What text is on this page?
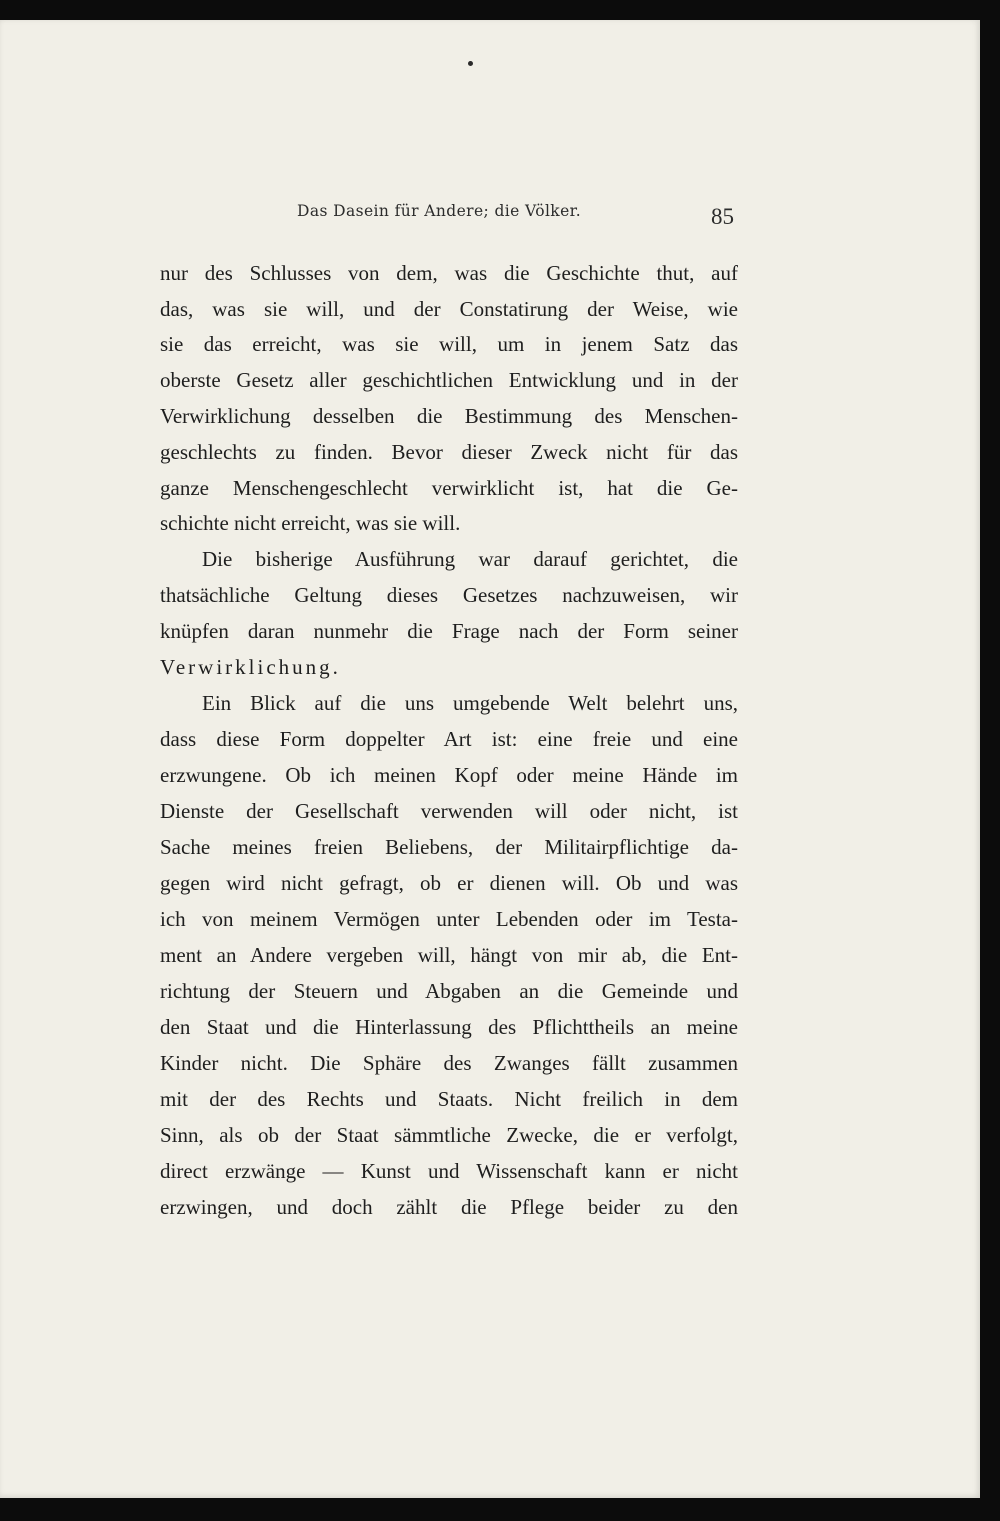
Das Dasein für Andere; die Völker.	85
nur des Schlusses von dem, was die Geschichte thut, auf
das, was sie will, und der Constatirung der Weise, wie
sie das erreicht, was sie will, um in jenem Satz das
oberste Gesetz aller geschichtlichen Entwicklung und in der
Verwirklichung desselben die Bestimmung des Menschen-
geschlechts zu finden. Bevor dieser Zweck nicht für das
ganze Menschengeschlecht verwirklicht ist, hat die Ge-
schichte nicht erreicht, was sie will.
Die bisherige Ausführung war darauf gerichtet, die
thatsächliche Geltung dieses Gesetzes nachzuweisen, wir
knüpfen daran nunmehr die Frage nach der Form seiner
Verwirklichung.
Ein Blick auf die uns umgebende Welt belehrt uns,
dass diese Form doppelter Art ist: eine freie und eine
erzwungene. Ob ich meinen Kopf oder meine Hände im
Dienste der Gesellschaft verwenden will oder nicht, ist
Sache meines freien Beliebens, der Militairpflichtige da-
gegen wird nicht gefragt, ob er dienen will. Ob und was
ich von meinem Vermögen unter Lebenden oder im Testa-
ment an Andere vergeben will, hängt von mir ab, die Ent-
richtung der Steuern und Abgaben an die Gemeinde und
den Staat und die Hinterlassung des Pflichttheils an meine
Kinder nicht. Die Sphäre des Zwanges fällt zusammen
mit der des Rechts und Staats. Nicht freilich in dem
Sinn, als ob der Staat sämmtliche Zwecke, die er verfolgt,
direct erzwänge — Kunst und Wissenschaft kann er nicht
erzwingen, und doch zählt die Pflege beider zu den
